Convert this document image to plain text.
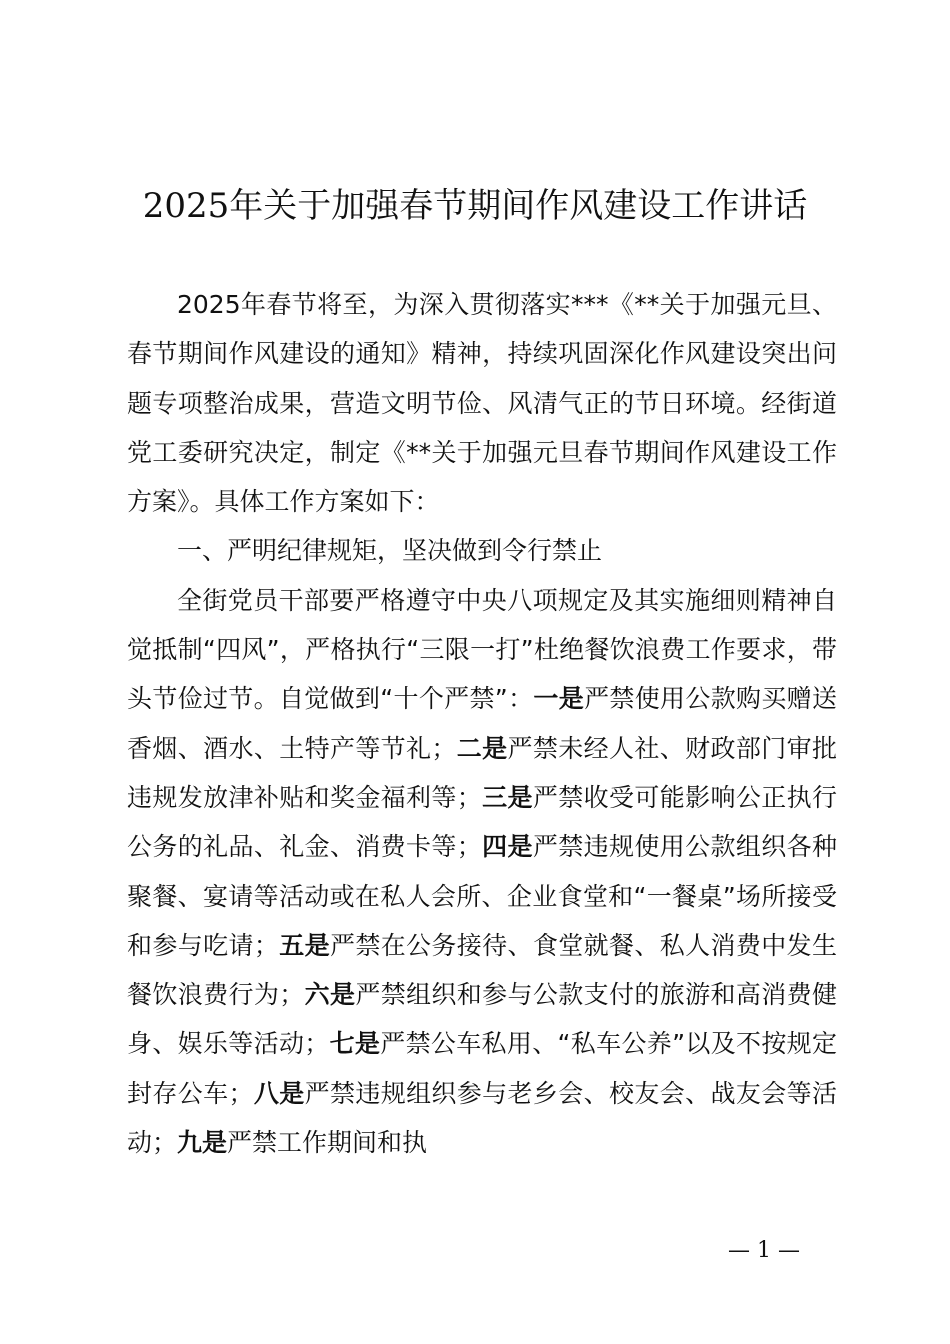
2025年关于加强春节期间作风建设工作讲话

2025年春节将至，为深入贯彻落实***《**关于加强元旦、春节期间作风建设的通知》精神，持续巩固深化作风建设突出问题专项整治成果，营造文明节俭、风清气正的节日环境。经街道党工委研究决定，制定《**关于加强元旦春节期间作风建设工作方案》。具体工作方案如下：

一、严明纪律规矩，坚决做到令行禁止

全街党员干部要严格遵守中央八项规定及其实施细则精神自觉抵制“四风”，严格执行“三限一打”杜绝餐饮浪费工作要求，带头节俭过节。自觉做到“十个严禁”：一是严禁使用公款购买赠送香烟、酒水、土特产等节礼；二是严禁未经人社、财政部门审批违规发放津补贴和奖金福利等；三是严禁收受可能影响公正执行公务的礼品、礼金、消费卡等；四是严禁违规使用公款组织各种聚餐、宴请等活动或在私人会所、企业食堂和“一餐桌”场所接受和参与吃请；五是严禁在公务接待、食堂就餐、私人消费中发生餐饮浪费行为；六是严禁组织和参与公款支付的旅游和高消费健身、娱乐等活动；七是严禁公车私用、“私车公养”以及不按规定封存公车；八是严禁违规组织参与老乡会、校友会、战友会等活动；九是严禁工作期间和执

— 1 —
